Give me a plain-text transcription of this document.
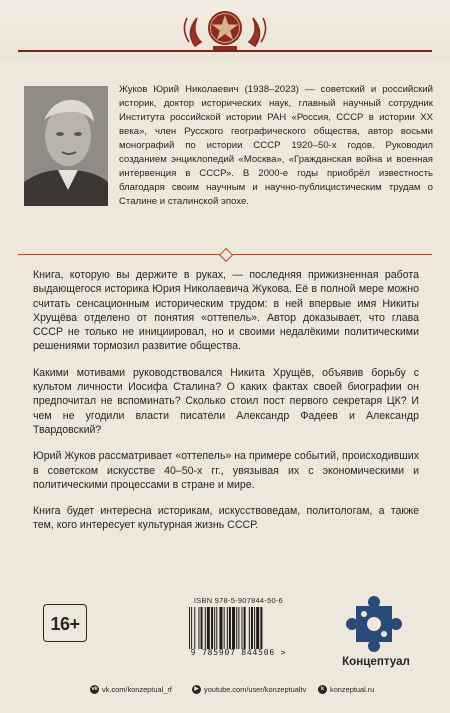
Жуков Юрий Николаевич (1938–2023) — советский и российский историк, доктор исторических наук, главный научный сотрудник Института российской истории РАН «Россия, СССР в истории XX века», член Русского географического общества, автор восьми монографий по истории СССР 1920–50-х годов. Руководил созданием энциклопедий «Москва», «Гражданская война и военная интервенция в СССР». В 2000-е годы приобрёл известность благодаря своим научным и научно-публицистическим трудам о Сталине и сталинской эпохе.

Книга, которую вы держите в руках, — последняя прижизненная работа выдающегося историка Юрия Николаевича Жукова. Её в полной мере можно считать сенсационным историческим трудом: в ней впервые имя Никиты Хрущёва отделено от понятия «оттепель». Автор доказывает, что глава СССР не только не инициировал, но и своими недалёкими политическими решениями тормозил развитие общества.

Какими мотивами руководствовался Никита Хрущёв, объявив борьбу с культом личности Иосифа Сталина? О каких фактах своей биографии он предпочитал не вспоминать? Сколько стоил пост первого секретаря ЦК? И чем не угодили власти писатели Александр Фадеев и Александр Твардовский?

Юрий Жуков рассматривает «оттепель» на примере событий, происходивших в советском искусстве 40–50-х гг., увязывая их с экономическими и политическими процессами в стране и мире.

Книга будет интересна историкам, искусствоведам, политологам, а также тем, кого интересует культурная жизнь СССР.

16+
ISBN 978-5-907844-50-6
9 785907 844506 >
Концептуал
vk vk.com/konzeptual_rf	▶ youtube.com/user/konzeptualtv	k konzeptual.ru
